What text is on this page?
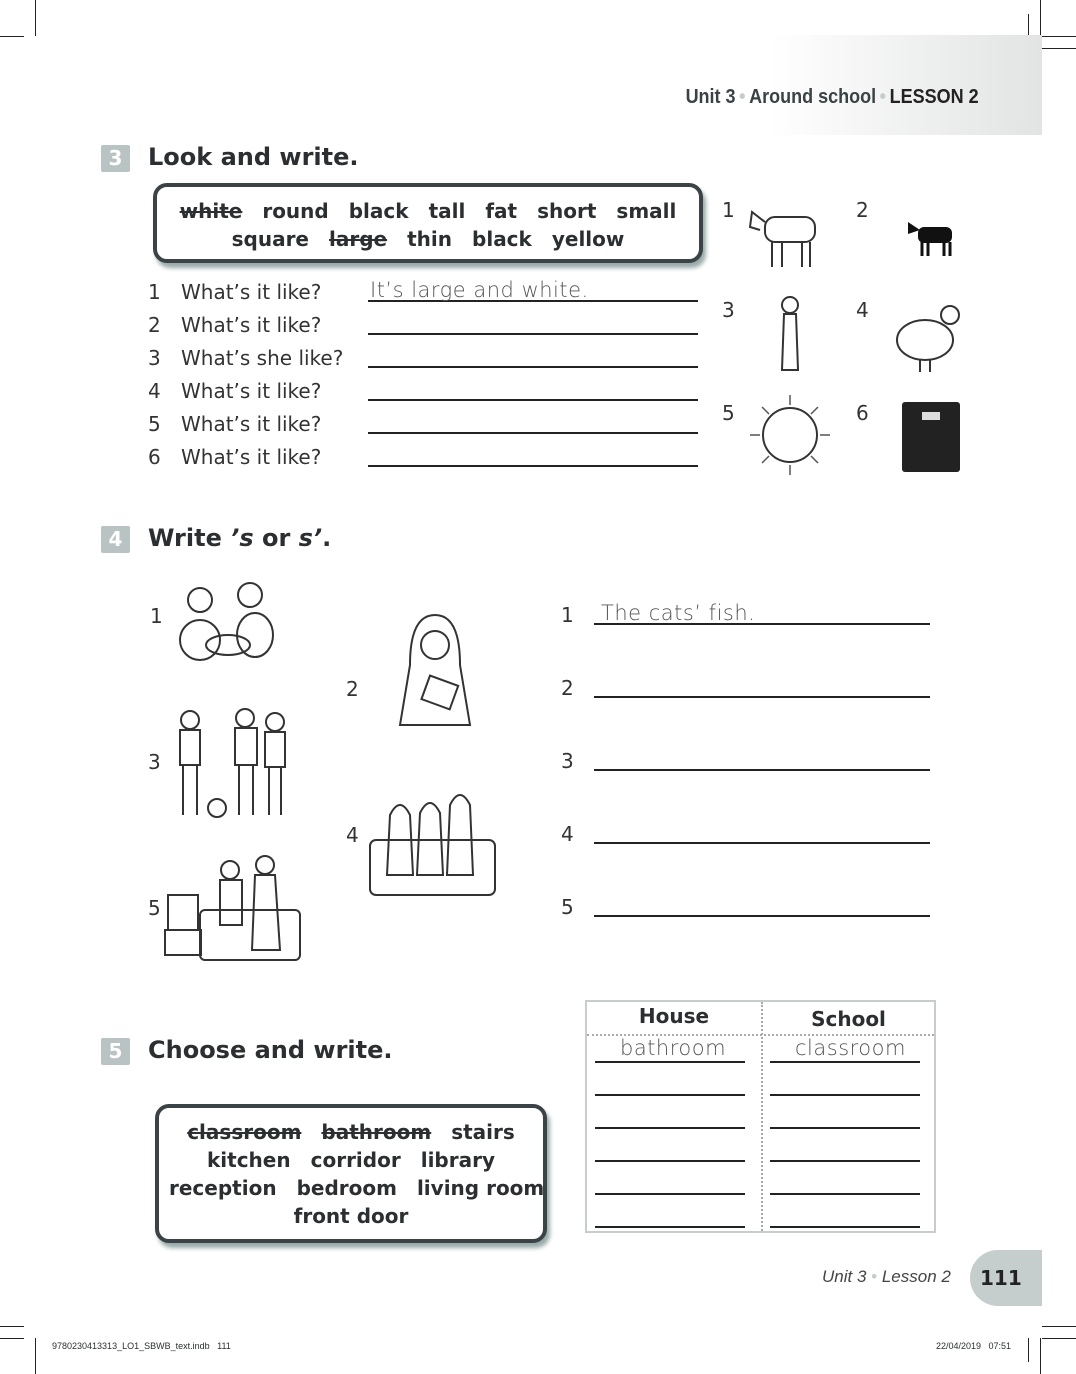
Unit 3 • Around school • LESSON 2
3	Look and write.
white round black tall fat short small
square large thin black yellow
4	Write ’s or s’.
5	Choose and write.
classroom bathroom stairs
kitchen corridor library
reception bedroom living room
front door
House	School
Unit 3 • Lesson 2 111
9780230413313_LO1_SBWB_text.indb   111	22/04/2019   07:51
1 What’s it like? It’s large and white.
2 What’s it like?
3 What’s she like?
4 What’s it like?
5 What’s it like?
6 What’s it like?
1	2
3	4
5	6
1
2
3
4
5
1 The cats’ fish.
2
3
4
5
bathroom	classroom
